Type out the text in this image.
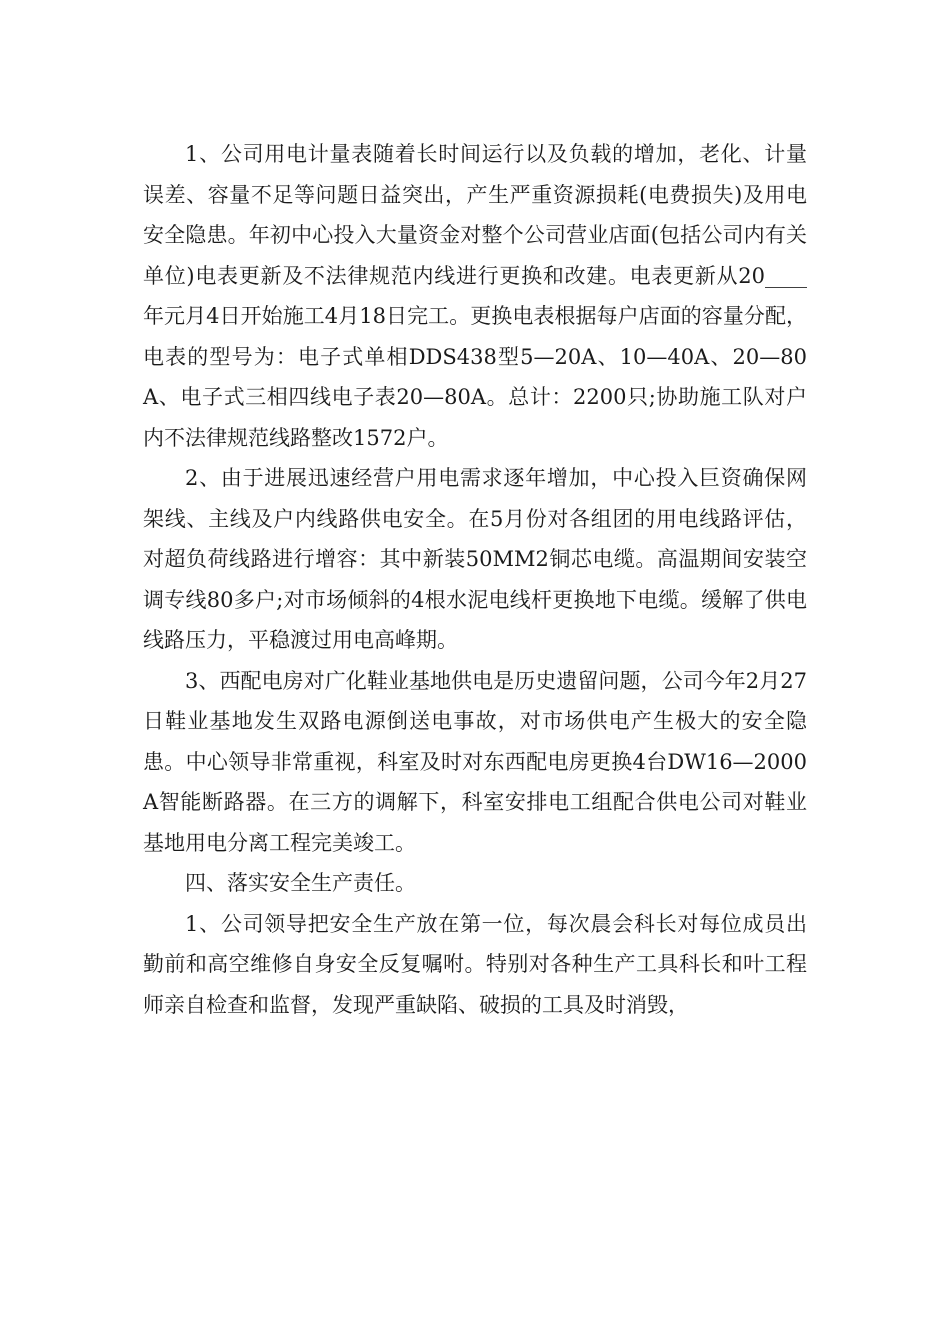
1、公司用电计量表随着长时间运行以及负载的增加，老化、计量误差、容量不足等问题日益突出，产生严重资源损耗(电费损失)及用电安全隐患。年初中心投入大量资金对整个公司营业店面(包括公司内有关单位)电表更新及不法律规范内线进行更换和改建。电表更新从20____年元月4日开始施工4月18日完工。更换电表根据每户店面的容量分配，电表的型号为：电子式单相DDS438型5—20A、10—40A、20—80A、电子式三相四线电子表20—80A。总计：2200只;协助施工队对户内不法律规范线路整改1572户。

2、由于进展迅速经营户用电需求逐年增加，中心投入巨资确保网架线、主线及户内线路供电安全。在5月份对各组团的用电线路评估，对超负荷线路进行增容：其中新装50MM2铜芯电缆。高温期间安装空调专线80多户;对市场倾斜的4根水泥电线杆更换地下电缆。缓解了供电线路压力，平稳渡过用电高峰期。

3、西配电房对广化鞋业基地供电是历史遗留问题，公司今年2月27日鞋业基地发生双路电源倒送电事故，对市场供电产生极大的安全隐患。中心领导非常重视，科室及时对东西配电房更换4台DW16—2000A智能断路器。在三方的调解下，科室安排电工组配合供电公司对鞋业基地用电分离工程完美竣工。

四、落实安全生产责任。

1、公司领导把安全生产放在第一位，每次晨会科长对每位成员出勤前和高空维修自身安全反复嘱咐。特别对各种生产工具科长和叶工程师亲自检查和监督，发现严重缺陷、破损的工具及时消毁，
